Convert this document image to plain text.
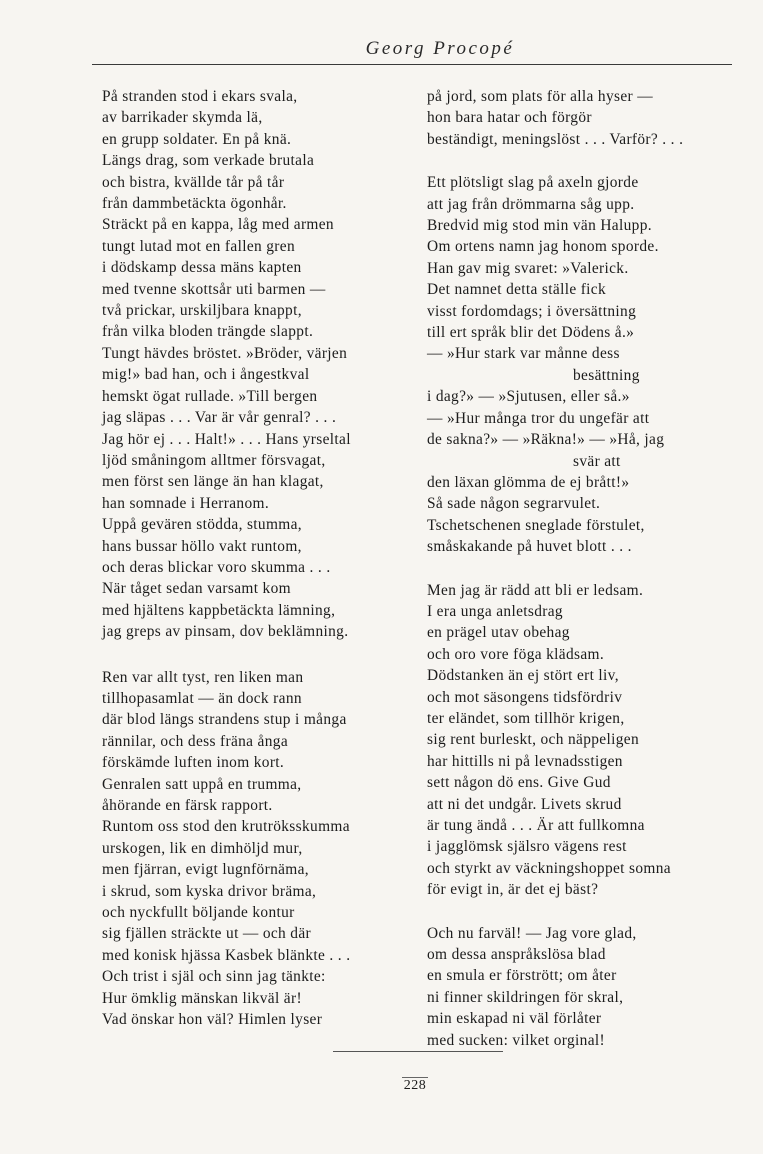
Georg Procopé
På stranden stod i ekars svala,
av barrikader skymda lä,
en grupp soldater. En på knä.
Längs drag, som verkade brutala
och bistra, kvällde tår på tår
från dammbetäckta ögonhår.
Sträckt på en kappa, låg med armen
tungt lutad mot en fallen gren
i dödskamp dessa mäns kapten
med tvenne skottsår uti barmen —
två prickar, urskiljbara knappt,
från vilka bloden trängde slappt.
Tungt hävdes bröstet. »Bröder, värjen
mig!» bad han, och i ångestkval
hemskt ögat rullade. »Till bergen
jag släpas . . . Var är vår genral? . . .
Jag hör ej . . . Halt!» . . . Hans yrseltal
ljöd småningom alltmer försvagat,
men först sen länge än han klagat,
han somnade i Herranom.
Uppå gevären stödda, stumma,
hans bussar höllo vakt runtom,
och deras blickar voro skumma . . .
När tåget sedan varsamt kom
med hjältens kappbetäckta lämning,
jag greps av pinsam, dov beklämning.
Ren var allt tyst, ren liken man
tillhopasamlat — än dock rann
där blod längs strandens stup i många
rännilar, och dess fräna ånga
förskämde luften inom kort.
Genralen satt uppå en trumma,
åhörande en färsk rapport.
Runtom oss stod den krutröksskumma
urskogen, lik en dimhöljd mur,
men fjärran, evigt lugnförnäma,
i skrud, som kyska drivor bräma,
och nyckfullt böljande kontur
sig fjällen sträckte ut — och där
med konisk hjässa Kasbek blänkte . . .
Och trist i själ och sinn jag tänkte:
Hur ömklig mänskan likväl är!
Vad önskar hon väl? Himlen lyser
på jord, som plats för alla hyser —
hon bara hatar och förgör
beständigt, meningslöst . . . Varför? . . .
Ett plötsligt slag på axeln gjorde
att jag från drömmarna såg upp.
Bredvid mig stod min vän Halupp.
Om ortens namn jag honom sporde.
Han gav mig svaret: »Valerick.
Det namnet detta ställe fick
visst fordomdags; i översättning
till ert språk blir det Dödens å.»
— »Hur stark var månne dess
besättning
i dag?» — »Sjutusen, eller så.»
— »Hur många tror du ungefär att
de sakna?» — »Räkna!» — »Hå, jag
svär att
den läxan glömma de ej brått!»
Så sade någon segrarvulet.
Tschetschenen sneglade förstulet,
småskakande på huvet blott . . .
Men jag är rädd att bli er ledsam.
I era unga anletsdrag
en prägel utav obehag
och oro vore föga klädsam.
Dödstanken än ej stört ert liv,
och mot säsongens tidsfördriv
ter eländet, som tillhör krigen,
sig rent burleskt, och näppeligen
har hittills ni på levnadsstigen
sett någon dö ens. Give Gud
att ni det undgår. Livets skrud
är tung ändå . . . Är att fullkomna
i jagglömsk själsro vägens rest
och styrkt av väckningshoppet somna
för evigt in, är det ej bäst?
Och nu farväl! — Jag vore glad,
om dessa anspråkslösa blad
en smula er förstrött; om åter
ni finner skildringen för skral,
min eskapad ni väl förlåter
med sucken: vilket orginal!
228
